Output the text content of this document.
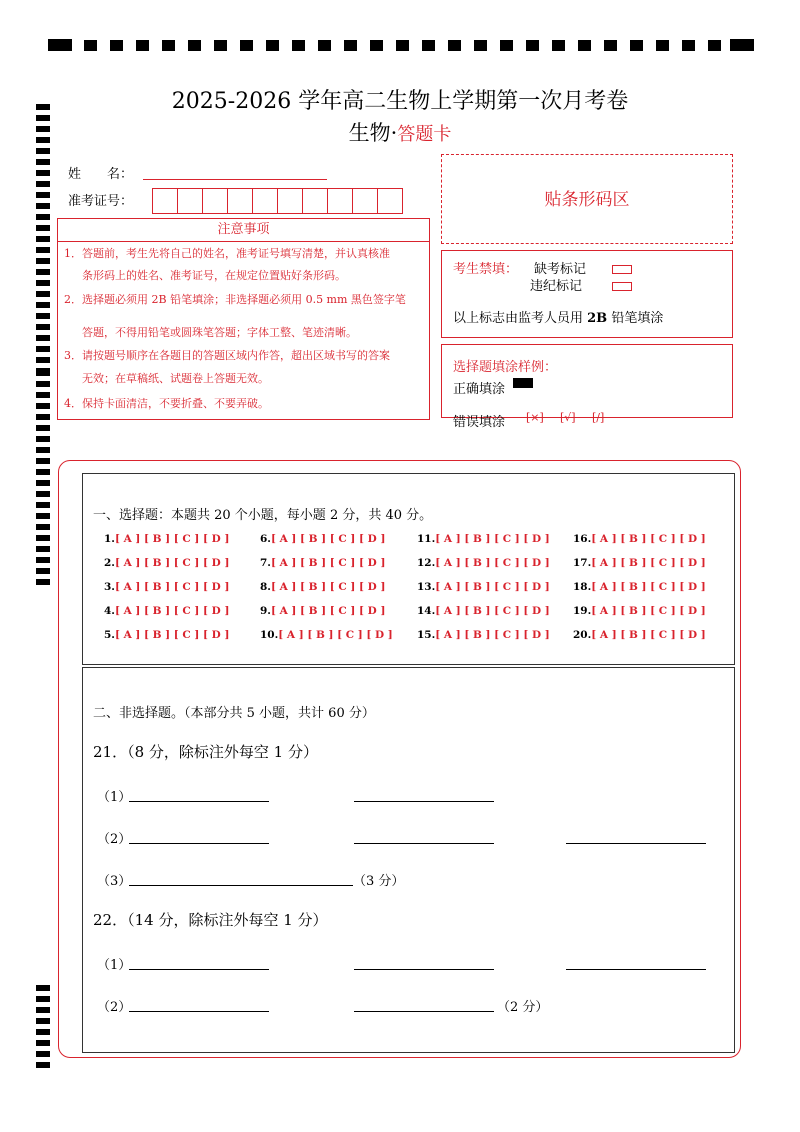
2025-2026 学年高二生物上学期第一次月考卷
生物·答题卡
姓　　名：
准考证号：	贴条形码区
注意事项
1．答题前，考生先将自己的姓名，准考证号填写清楚，并认真核准
条形码上的姓名、准考证号，在规定位置贴好条形码。
2．选择题必须用 2B 铅笔填涂；非选择题必须用 0.5 mm 黑色签字笔
答题，不得用铅笔或圆珠笔答题；字体工整、笔迹清晰。
3．请按题号顺序在各题目的答题区域内作答，超出区域书写的答案
无效；在草稿纸、试题卷上答题无效。
4．保持卡面清洁，不要折叠、不要弄破。
考生禁填： 缺考标记
违纪标记
以上标志由监考人员用 2B 铅笔填涂
选择题填涂样例：
正确填涂
错误填涂 [×] [√] [/]
一、选择题：本题共 20 个小题，每小题 2 分，共 40 分。
1.[ A ] [ B ] [ C ] [ D ]
2.[ A ] [ B ] [ C ] [ D ]
3.[ A ] [ B ] [ C ] [ D ]
4.[ A ] [ B ] [ C ] [ D ]
5.[ A ] [ B ] [ C ] [ D ]
6.[ A ] [ B ] [ C ] [ D ]
7.[ A ] [ B ] [ C ] [ D ]
8.[ A ] [ B ] [ C ] [ D ]
9.[ A ] [ B ] [ C ] [ D ]
10.[ A ] [ B ] [ C ] [ D ]
11.[ A ] [ B ] [ C ] [ D ]
12.[ A ] [ B ] [ C ] [ D ]
13.[ A ] [ B ] [ C ] [ D ]
14.[ A ] [ B ] [ C ] [ D ]
15.[ A ] [ B ] [ C ] [ D ]
16.[ A ] [ B ] [ C ] [ D ]
17.[ A ] [ B ] [ C ] [ D ]
18.[ A ] [ B ] [ C ] [ D ]
19.[ A ] [ B ] [ C ] [ D ]
20.[ A ] [ B ] [ C ] [ D ]
二、非选择题。（本部分共 5 小题，共计 60 分）
21．（8 分，除标注外每空 1 分）
（1）
（2）
（3）	（3 分）
22．（14 分，除标注外每空 1 分）
（1）
（2）	（2 分）
